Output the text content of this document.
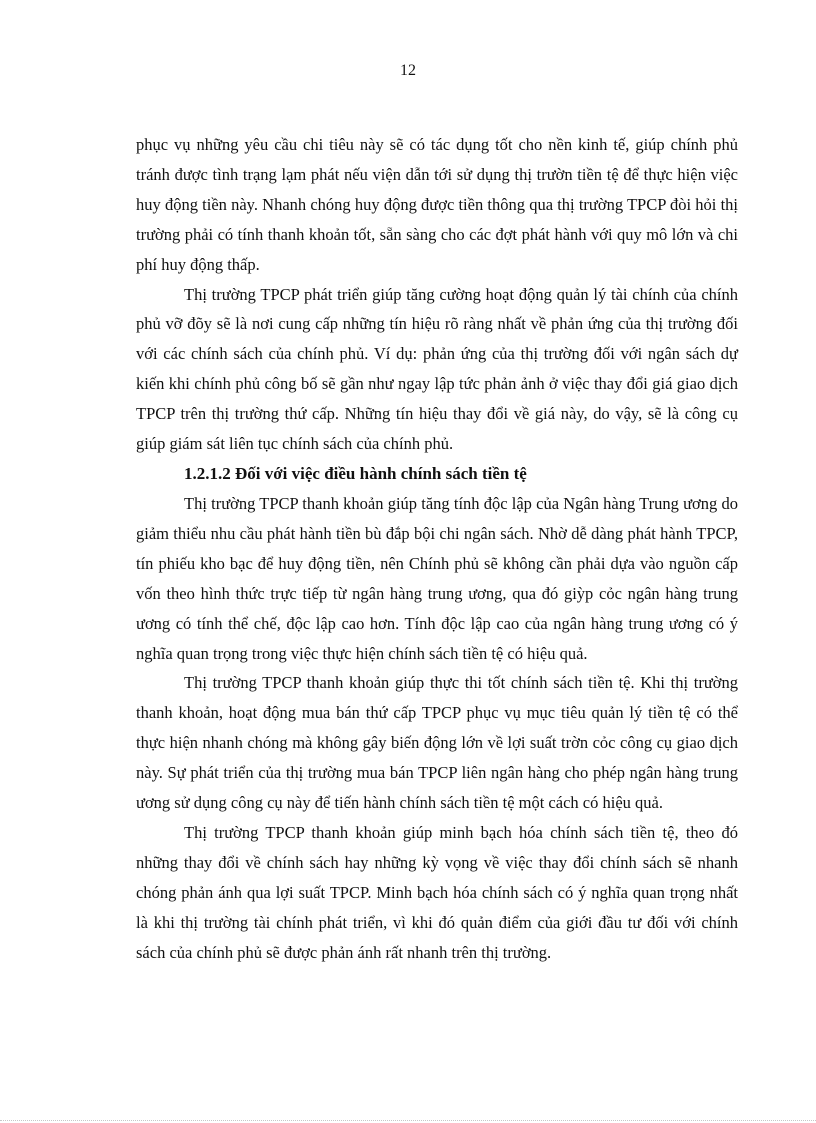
12

phục vụ những yêu cầu chi tiêu này sẽ có tác dụng tốt cho nền kinh tế, giúp chính phủ tránh được tình trạng lạm phát nếu viện dẫn tới sử dụng thị trườn tiền tệ để thực hiện việc huy động tiền này. Nhanh chóng huy động được tiền thông qua thị trường TPCP đòi hỏi thị trường phải có tính thanh khoản tốt, sẵn sàng cho các đợt phát hành với quy mô lớn và chi phí huy động thấp.

Thị trường TPCP phát triển giúp tăng cường hoạt động quản lý tài chính của chính phủ vỡ đõy sẽ là nơi cung cấp những tín hiệu rõ ràng nhất về phản ứng của thị trường đối với các chính sách của chính phủ. Ví dụ: phản ứng của thị trường đối với ngân sách dự kiến khi chính phủ công bố sẽ gần như ngay lập tức phản ảnh ở việc thay đổi giá giao dịch TPCP trên thị trường thứ cấp. Những tín hiệu thay đổi về giá này, do vậy, sẽ là công cụ giúp giám sát liên tục chính sách của chính phủ.

1.2.1.2 Đối với việc điều hành chính sách tiền tệ

Thị trường TPCP thanh khoản giúp tăng tính độc lập của Ngân hàng Trung ương do giảm thiểu nhu cầu phát hành tiền bù đắp bội chi ngân sách. Nhờ dễ dàng phát hành TPCP, tín phiếu kho bạc để huy động tiền, nên Chính phủ sẽ không cần phải dựa vào nguồn cấp vốn theo hình thức trực tiếp từ ngân hàng trung ương, qua đó giỳp cỏc ngân hàng trung ương có tính thể chế, độc lập cao hơn. Tính độc lập cao của ngân hàng trung ương có ý nghĩa quan trọng trong việc thực hiện chính sách tiền tệ có hiệu quả.

Thị trường TPCP thanh khoản giúp thực thi tốt chính sách tiền tệ. Khi thị trường thanh khoản, hoạt động mua bán thứ cấp TPCP phục vụ mục tiêu quản lý tiền tệ có thể thực hiện nhanh chóng mà không gây biến động lớn về lợi suất trờn cỏc công cụ giao dịch này. Sự phát triển của thị trường mua bán TPCP liên ngân hàng cho phép ngân hàng trung ương sử dụng công cụ này để tiến hành chính sách tiền tệ một cách có hiệu quả.

Thị trường TPCP thanh khoản giúp minh bạch hóa chính sách tiền tệ, theo đó những thay đổi về chính sách hay những kỳ vọng về việc thay đổi chính sách sẽ nhanh chóng phản ánh qua lợi suất TPCP. Minh bạch hóa chính sách có ý nghĩa quan trọng nhất là khi thị trường tài chính phát triển, vì khi đó quản điểm của giới đầu tư đối với chính sách của chính phủ sẽ được phản ánh rất nhanh trên thị trường.
